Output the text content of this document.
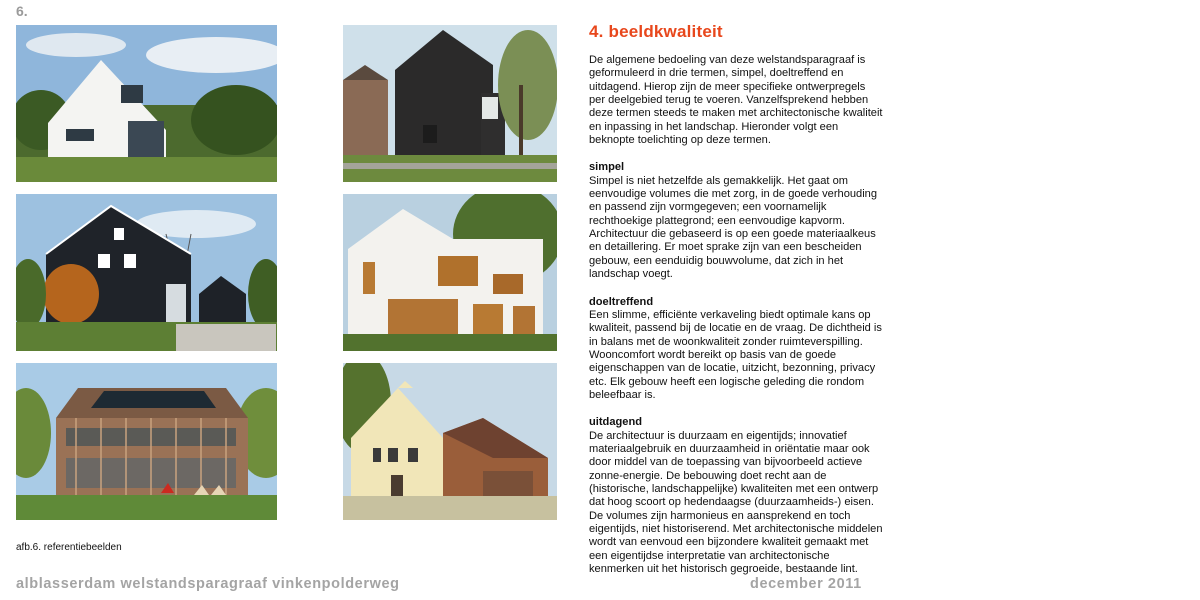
6.
afb.6. referentiebeelden
4. beeldkwaliteit

De algemene bedoeling van deze welstandsparagraaf is geformuleerd in drie termen, simpel, doeltreffend en uitdagend. Hierop zijn de meer specifieke ontwerpregels per deelgebied terug te voeren. Vanzelfsprekend hebben deze termen steeds te maken met architectonische kwaliteit en inpassing in het landschap. Hieronder volgt een beknopte toelichting op deze termen.

simpel

Simpel is niet hetzelfde als gemakkelijk. Het gaat om eenvoudige volumes die met zorg, in de goede verhouding en passend zijn vormgegeven; een voornamelijk rechthoekige plattegrond; een eenvoudige kapvorm. Architectuur die gebaseerd is op een goede materiaalkeus en detaillering. Er moet sprake zijn van een bescheiden gebouw, een eenduidig bouwvolume, dat zich in het landschap voegt.

doeltreffend

Een slimme, efficiënte verkaveling biedt optimale kans op kwaliteit, passend bij de locatie en de vraag. De dichtheid is in balans met de woonkwaliteit zonder ruimteverspilling. Wooncomfort wordt bereikt op basis van de goede eigenschappen van de locatie, uitzicht, bezonning, privacy etc. Elk gebouw heeft een logische geleding die rondom beleefbaar is.

uitdagend

De architectuur is duurzaam en eigentijds; innovatief materiaalgebruik en duurzaamheid in oriëntatie maar ook door middel van de toepassing van bijvoorbeeld actieve zonne-energie. De bebouwing doet recht aan de (historische, landschappelijke) kwaliteiten met een ontwerp dat hoog scoort op hedendaagse (duurzaamheids-) eisen. De volumes zijn harmonieus en aansprekend en toch eigentijds, niet historiserend. Met architectonische middelen wordt van eenvoud een bijzondere kwaliteit gemaakt met een eigentijdse interpretatie van architectonische kenmerken uit het historisch gegroeide, bestaande lint.

alblasserdam welstandsparagraaf vinkenpolderweg	december 2011
